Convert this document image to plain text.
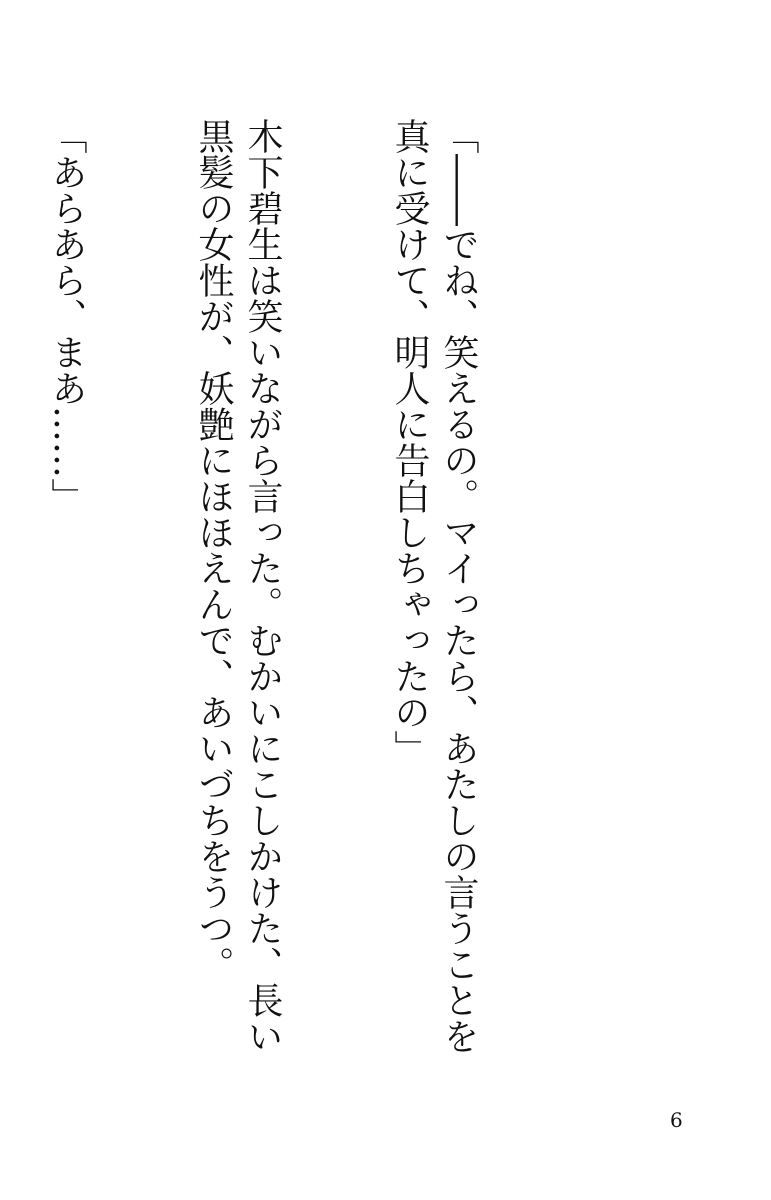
「――でね、笑えるの。マイったら、あたしの言うことを真に受けて、明人に告白しちゃったの」

木下碧生は笑いながら言った。むかいにこしかけた、長い黒髪の女性が、妖艶にほほえんで、あいづちをうつ。

「あらあら、まあ……」

6
